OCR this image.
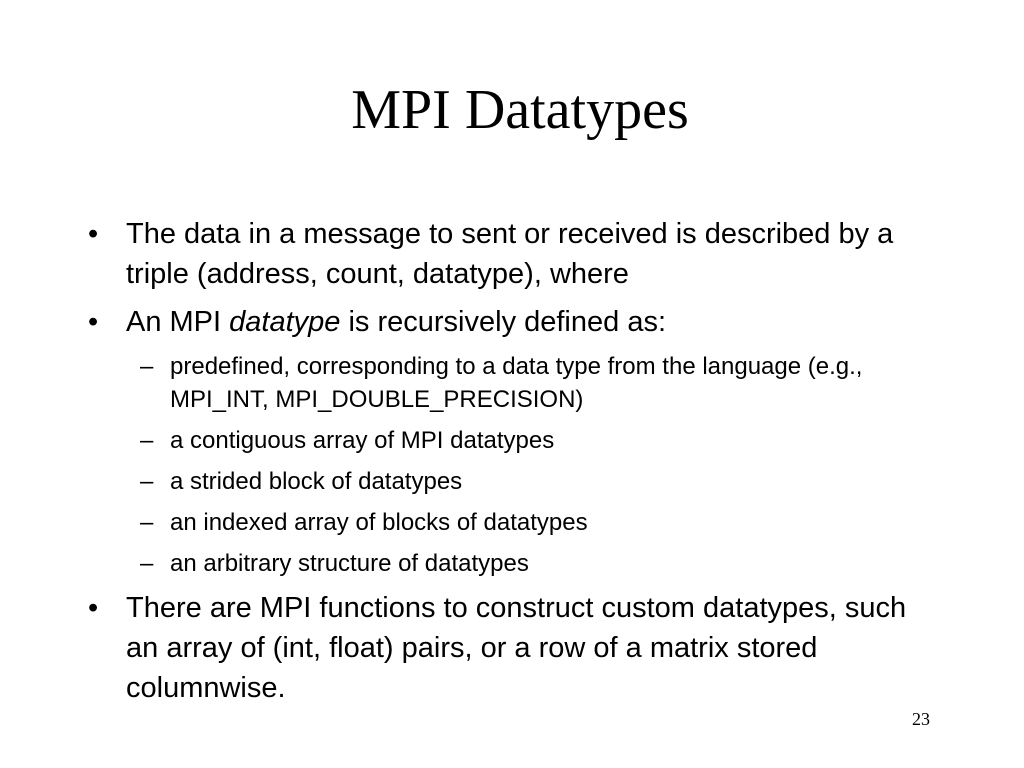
MPI Datatypes
• The data in a message to sent or received is described by a triple (address, count, datatype), where
• An MPI datatype is recursively defined as:
– predefined, corresponding to a data type from the language (e.g., MPI_INT, MPI_DOUBLE_PRECISION)
– a contiguous array of MPI datatypes
– a strided block of datatypes
– an indexed array of blocks of datatypes
– an arbitrary structure of datatypes
• There are MPI functions to construct custom datatypes, such an array of (int, float) pairs, or a row of a matrix stored columnwise.
23
